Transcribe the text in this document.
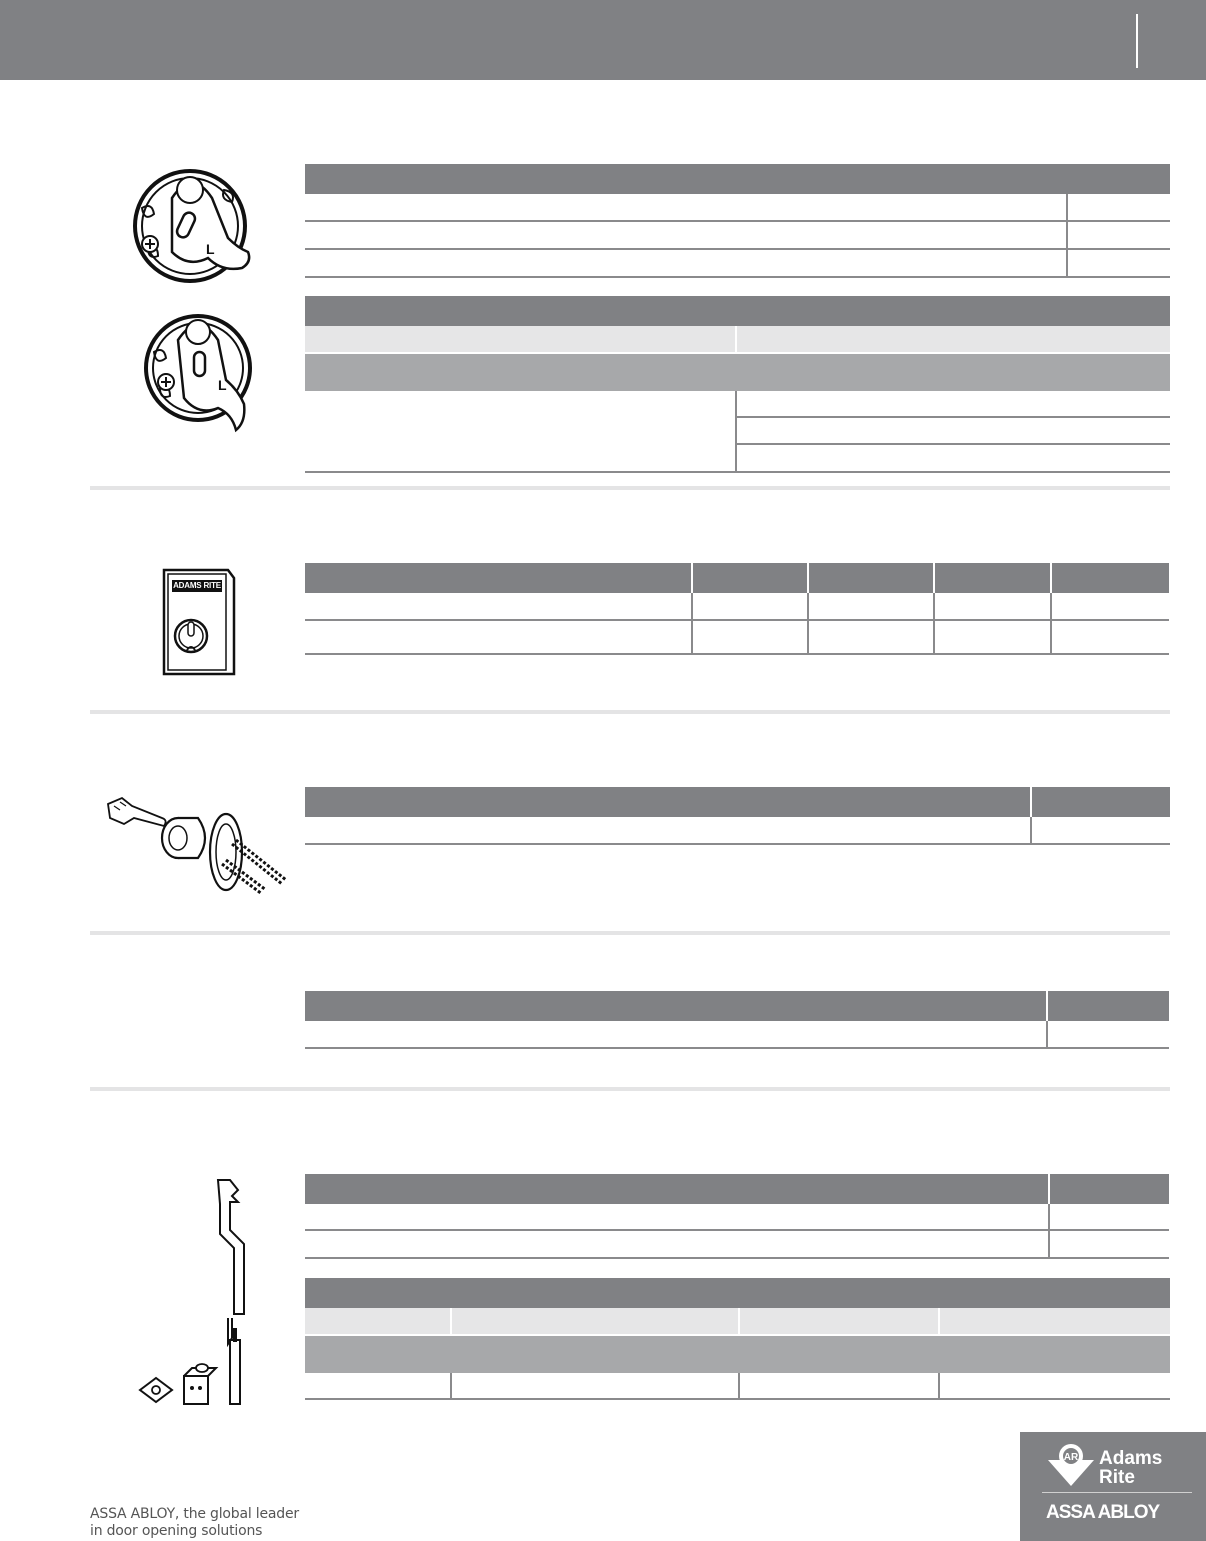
L
L
ADAMS RITE
ASSA ABLOY, the global leader
in door opening solutions
AR Adams
Rite
ASSA ABLOY
